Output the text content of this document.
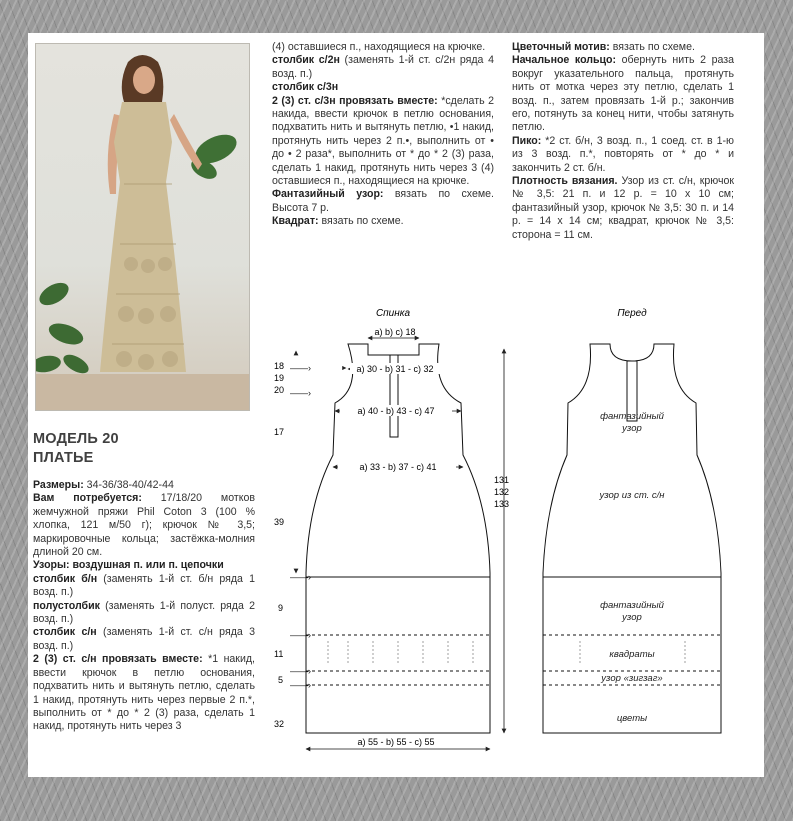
МОДЕЛЬ 20
ПЛАТЬЕ

Размеры: 34-36/38-40/42-44

Вам потребуется: 17/18/20 мотков жемчужной пряжи Phil Coton 3 (100 % хлопка, 121 м/50 г); крючок № 3,5; маркировочные кольца; застёжка-молния длиной 20 см.

Узоры: воздушная п. или п. цепочки

столбик б/н (заменять 1-й ст. б/н ряда 1 возд. п.)

полустолбик (заменять 1-й полуст. ряда 2 возд. п.)

столбик с/н (заменять 1-й ст. с/н ряда 3 возд. п.)

2 (3) ст. с/н провязать вместе: *1 накид, ввести крючок в петлю основания, подхватить нить и вытянуть петлю, сделать 1 накид, протянуть нить через первые 2 п.*, выполнить от * до * 2 (3) раза, сделать 1 накид, протянуть нить через 3

(4) оставшиеся п., находящиеся на крючке.

столбик с/2н (заменять 1-й ст. с/2н ряда 4 возд. п.)

столбик с/3н

2 (3) ст. с/3н провязать вместе: *сделать 2 накида, ввести крючок в петлю основания, подхватить нить и вытянуть петлю, •1 накид, протянуть нить через 2 п.•, выполнить от • до • 2 раза*, выполнить от * до * 2 (3) раза, сделать 1 накид, протянуть нить через 3 (4) оставшиеся п., находящиеся на крючке.

Фантазийный узор: вязать по схеме. Высота 7 р.

Квадрат: вязать по схеме.

Цветочный мотив: вязать по схеме.

Начальное кольцо: обернуть нить 2 раза вокруг указательного пальца, протянуть нить от мотка через эту петлю, сделать 1 возд. п., затем провязать 1-й р.; закончив его, потянуть за конец нити, чтобы затянуть петлю.

Пико: *2 ст. б/н, 3 возд. п., 1 соед. ст. в 1-ю из 3 возд. п.*, повторять от * до * и закончить 2 ст. б/н.

Плотность вязания. Узор из ст. с/н, крючок № 3,5: 21 п. и 12 р. = 10 х 10 см; фантазийный узор, крючок № 3,5: 30 п. и 14 р. = 14 х 14 см; квадрат, крючок № 3,5: сторона = 11 см.

Спинка
a) b) c) 18
a) 30 - b) 31 - c) 32
a) 40 - b) 43 - c) 47
a) 33 - b) 37 - c) 41
a) 55 - b) 55 - c) 55
18
19
20
17
39
9
11
5
32
——›
——›
——›
——›
——›
——›
131
132
133
Перед
фантазийный
узор
узор из ст. с/н
фантазийный
узор
квадраты
узор «зигзаг»
цветы
